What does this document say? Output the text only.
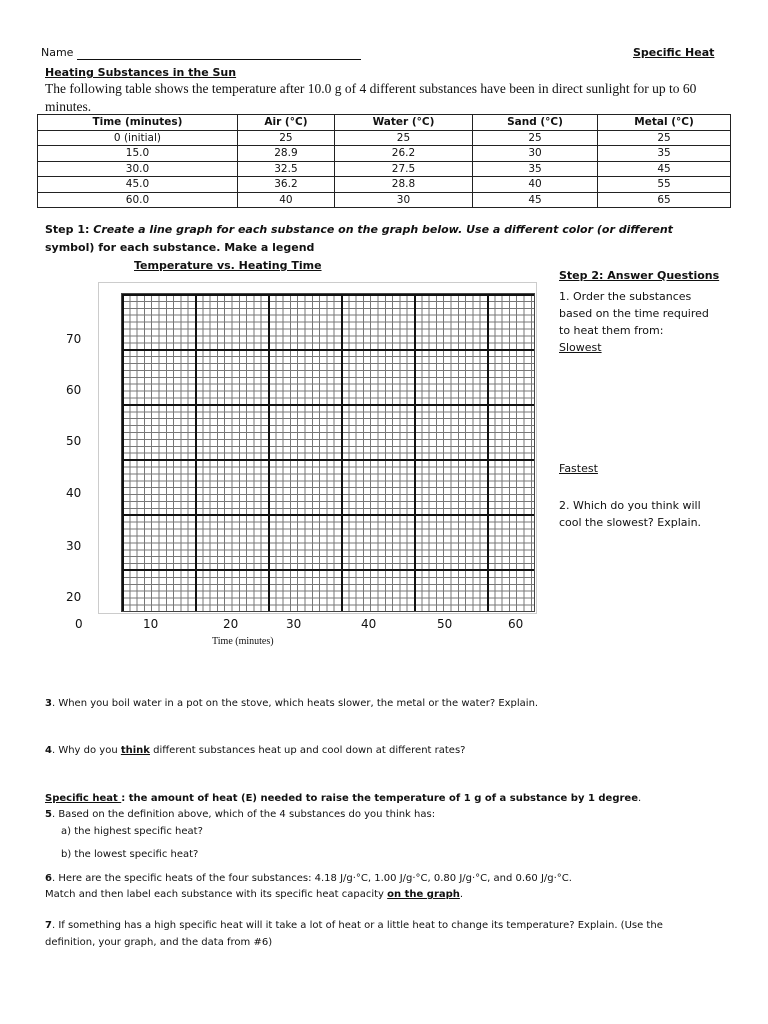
Name	Specific Heat
Heating Substances in the Sun
The following table shows the temperature after 10.0 g of 4 different substances have been in direct sunlight for up to 60 minutes.
Time (minutes)	Air (°C)	Water (°C)	Sand (°C)	Metal (°C)
0 (initial)	25	25	25	25
15.0	28.9	26.2	30	35
30.0	32.5	27.5	35	45
45.0	36.2	28.8	40	55
60.0	40	30	45	65
Step 1: Create a line graph for each substance on the graph below. Use a different color (or different
symbol) for each substance. Make a legend
Temperature vs. Heating Time
70
60
50
40
30
20
0	10	20	30	40	50	60
Time (minutes)
Step 2: Answer Questions
1. Order the substances
based on the time required
to heat them from:
Slowest
Fastest
2. Which do you think will
cool the slowest? Explain.
3. When you boil water in a pot on the stove, which heats slower, the metal or the water? Explain.
4. Why do you think different substances heat up and cool down at different rates?
Specific heat : the amount of heat (E) needed to raise the temperature of 1 g of a substance by 1 degree.
5. Based on the definition above, which of the 4 substances do you think has:
a) the highest specific heat?
b) the lowest specific heat?
6. Here are the specific heats of the four substances: 4.18 J/g·°C, 1.00 J/g·°C, 0.80 J/g·°C, and 0.60 J/g·°C.
Match and then label each substance with its specific heat capacity on the graph.
7. If something has a high specific heat will it take a lot of heat or a little heat to change its temperature? Explain. (Use the
definition, your graph, and the data from #6)
